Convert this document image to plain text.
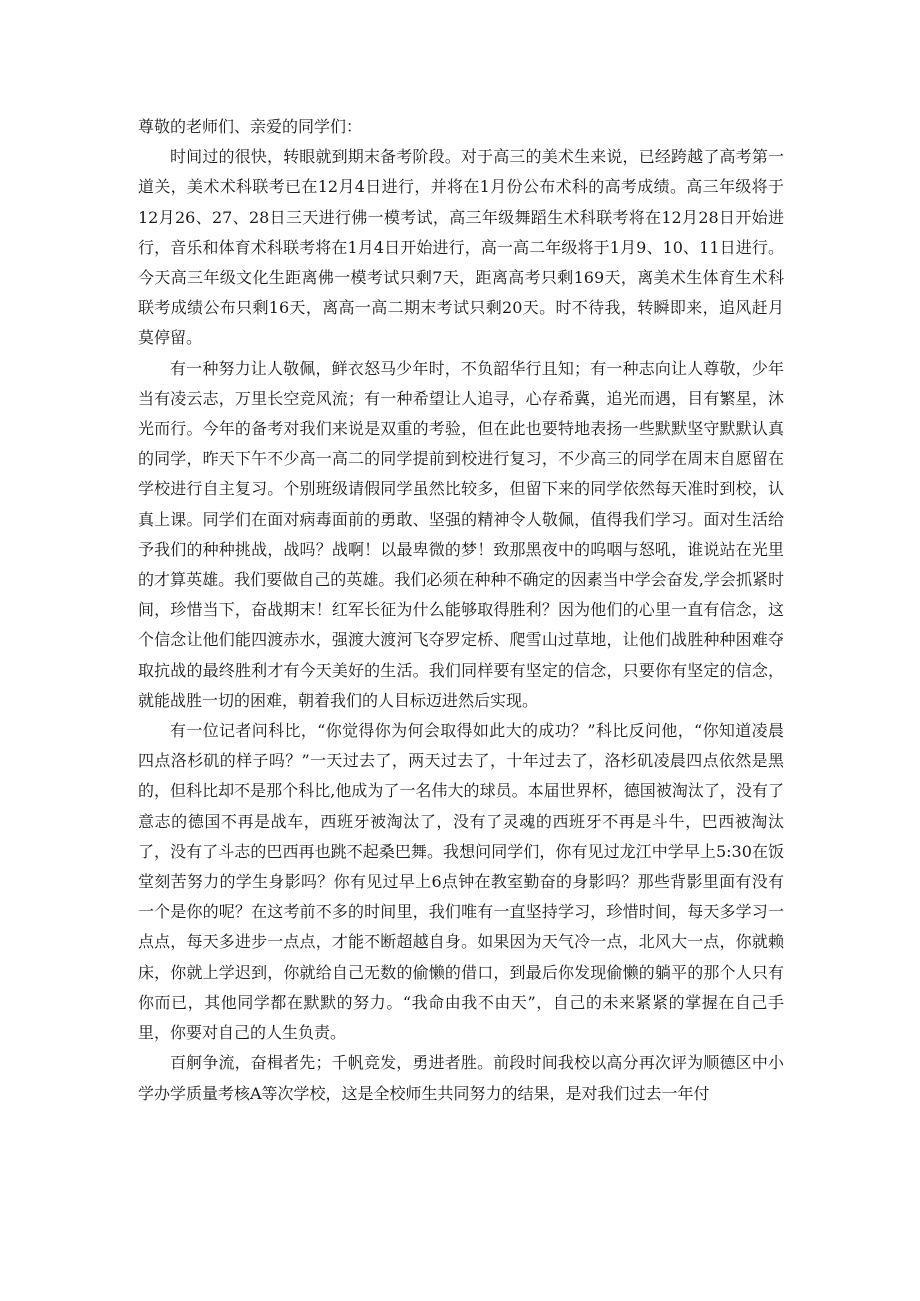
尊敬的老师们、亲爱的同学们：

时间过的很快，转眼就到期末备考阶段。对于高三的美术生来说，已经跨越了高考第一道关，美术术科联考已在12月4日进行，并将在1月份公布术科的高考成绩。高三年级将于12月26、27、28日三天进行佛一模考试，高三年级舞蹈生术科联考将在12月28日开始进行，音乐和体育术科联考将在1月4日开始进行，高一高二年级将于1月9、10、11日进行。今天高三年级文化生距离佛一模考试只剩7天，距离高考只剩169天，离美术生体育生术科联考成绩公布只剩16天，离高一高二期末考试只剩20天。时不待我，转瞬即来，追风赶月莫停留。

有一种努力让人敬佩，鲜衣怒马少年时，不负韶华行且知；有一种志向让人尊敬，少年当有凌云志，万里长空竞风流；有一种希望让人追寻，心存希冀，追光而遇，目有繁星，沐光而行。今年的备考对我们来说是双重的考验，但在此也要特地表扬一些默默坚守默默认真的同学，昨天下午不少高一高二的同学提前到校进行复习，不少高三的同学在周末自愿留在学校进行自主复习。个别班级请假同学虽然比较多，但留下来的同学依然每天准时到校，认真上课。同学们在面对病毒面前的勇敢、坚强的精神令人敬佩，值得我们学习。面对生活给予我们的种种挑战，战吗？战啊！以最卑微的梦！致那黑夜中的呜咽与怒吼，谁说站在光里的才算英雄。我们要做自己的英雄。我们必须在种种不确定的因素当中学会奋发,学会抓紧时间，珍惜当下，奋战期末！红军长征为什么能够取得胜利？因为他们的心里一直有信念，这个信念让他们能四渡赤水，强渡大渡河飞夺罗定桥、爬雪山过草地，让他们战胜种种困难夺取抗战的最终胜利才有今天美好的生活。我们同样要有坚定的信念，只要你有坚定的信念，就能战胜一切的困难，朝着我们的人目标迈进然后实现。

有一位记者问科比，“你觉得你为何会取得如此大的成功？”科比反问他，“你知道凌晨四点洛杉矶的样子吗？”一天过去了，两天过去了，十年过去了，洛杉矶凌晨四点依然是黑的，但科比却不是那个科比,他成为了一名伟大的球员。本届世界杯，德国被淘汰了，没有了意志的德国不再是战车，西班牙被淘汰了，没有了灵魂的西班牙不再是斗牛，巴西被淘汰了，没有了斗志的巴西再也跳不起桑巴舞。我想问同学们，你有见过龙江中学早上5:30在饭堂刻苦努力的学生身影吗？你有见过早上6点钟在教室勤奋的身影吗？那些背影里面有没有一个是你的呢？在这考前不多的时间里，我们唯有一直坚持学习，珍惜时间，每天多学习一点点，每天多进步一点点，才能不断超越自身。如果因为天气冷一点，北风大一点，你就赖床，你就上学迟到，你就给自己无数的偷懒的借口，到最后你发现偷懒的躺平的那个人只有你而已，其他同学都在默默的努力。“我命由我不由天”，自己的未来紧紧的掌握在自己手里，你要对自己的人生负责。

百舸争流，奋楫者先；千帆竞发，勇进者胜。前段时间我校以高分再次评为顺德区中小学办学质量考核A等次学校，这是全校师生共同努力的结果，是对我们过去一年付
